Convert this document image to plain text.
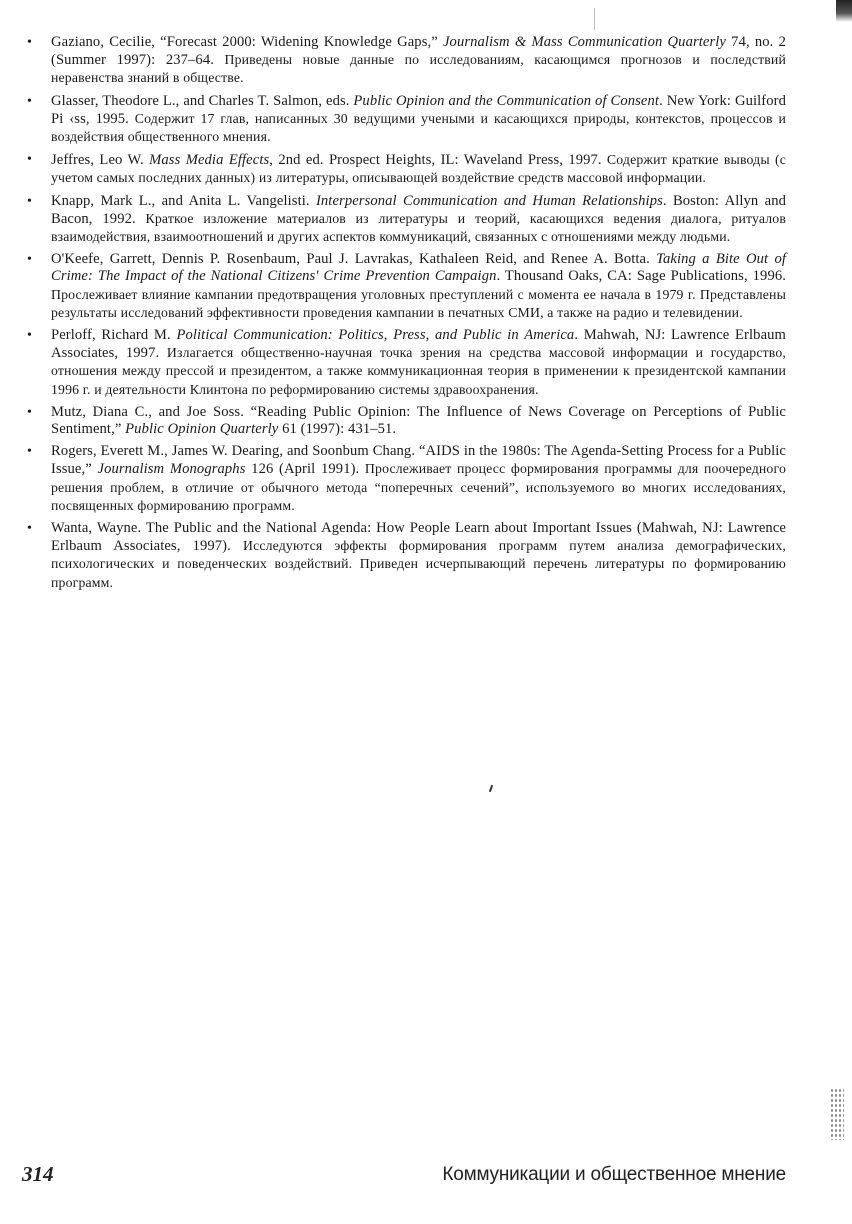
• Gaziano, Cecilie, “Forecast 2000: Widening Knowledge Gaps,” Journalism & Mass Communication Quarterly 74, no. 2 (Summer 1997): 237–64. Приведены новые данные по исследованиям, касающимся прогнозов и последствий неравенства знаний в обществе.
• Glasser, Theodore L., and Charles T. Salmon, eds. Public Opinion and the Communication of Consent. New York: Guilford Pi ‹ss, 1995. Содержит 17 глав, написанных 30 ведущими учеными и касающихся природы, контекстов, процессов и воздействия общественного мнения.
• Jeffres, Leo W. Mass Media Effects, 2nd ed. Prospect Heights, IL: Waveland Press, 1997. Содержит краткие выводы (с учетом самых последних данных) из литературы, описывающей воздействие средств массовой информации.
• Knapp, Mark L., and Anita L. Vangelisti. Interpersonal Communication and Human Relationships. Boston: Allyn and Bacon, 1992. Краткое изложение материалов из литературы и теорий, касающихся ведения диалога, ритуалов взаимодействия, взаимоотношений и других аспектов коммуникаций, связанных с отношениями между людьми.
• O'Keefe, Garrett, Dennis P. Rosenbaum, Paul J. Lavrakas, Kathaleen Reid, and Renee A. Botta. Taking a Bite Out of Crime: The Impact of the National Citizens' Crime Prevention Campaign. Thousand Oaks, CA: Sage Publications, 1996. Прослеживает влияние кампании предотвращения уголовных преступлений с момента ее начала в 1979 г. Представлены результаты исследований эффективности проведения кампании в печатных СМИ, а также на радио и телевидении.
• Perloff, Richard M. Political Communication: Politics, Press, and Public in America. Mahwah, NJ: Lawrence Erlbaum Associates, 1997. Излагается общественно-научная точка зрения на средства массовой информации и государство, отношения между прессой и президентом, а также коммуникационная теория в применении к президентской кампании 1996 г. и деятельности Клинтона по реформированию системы здравоохранения.
• Mutz, Diana C., and Joe Soss. “Reading Public Opinion: The Influence of News Coverage on Perceptions of Public Sentiment,” Public Opinion Quarterly 61 (1997): 431–51.
• Rogers, Everett M., James W. Dearing, and Soonbum Chang. “AIDS in the 1980s: The Agenda-Setting Process for a Public Issue,” Journalism Monographs 126 (April 1991). Прослеживает процесс формирования программы для поочередного решения проблем, в отличие от обычного метода “поперечных сечений”, используемого во многих исследованиях, посвященных формированию программ.
• Wanta, Wayne. The Public and the National Agenda: How People Learn about Important Issues (Mahwah, NJ: Lawrence Erlbaum Associates, 1997). Исследуются эффекты формирования программ путем анализа демографических, психологических и поведенческих воздействий. Приведен исчерпывающий перечень литературы по формированию программ.
314	Коммуникации и общественное мнение
